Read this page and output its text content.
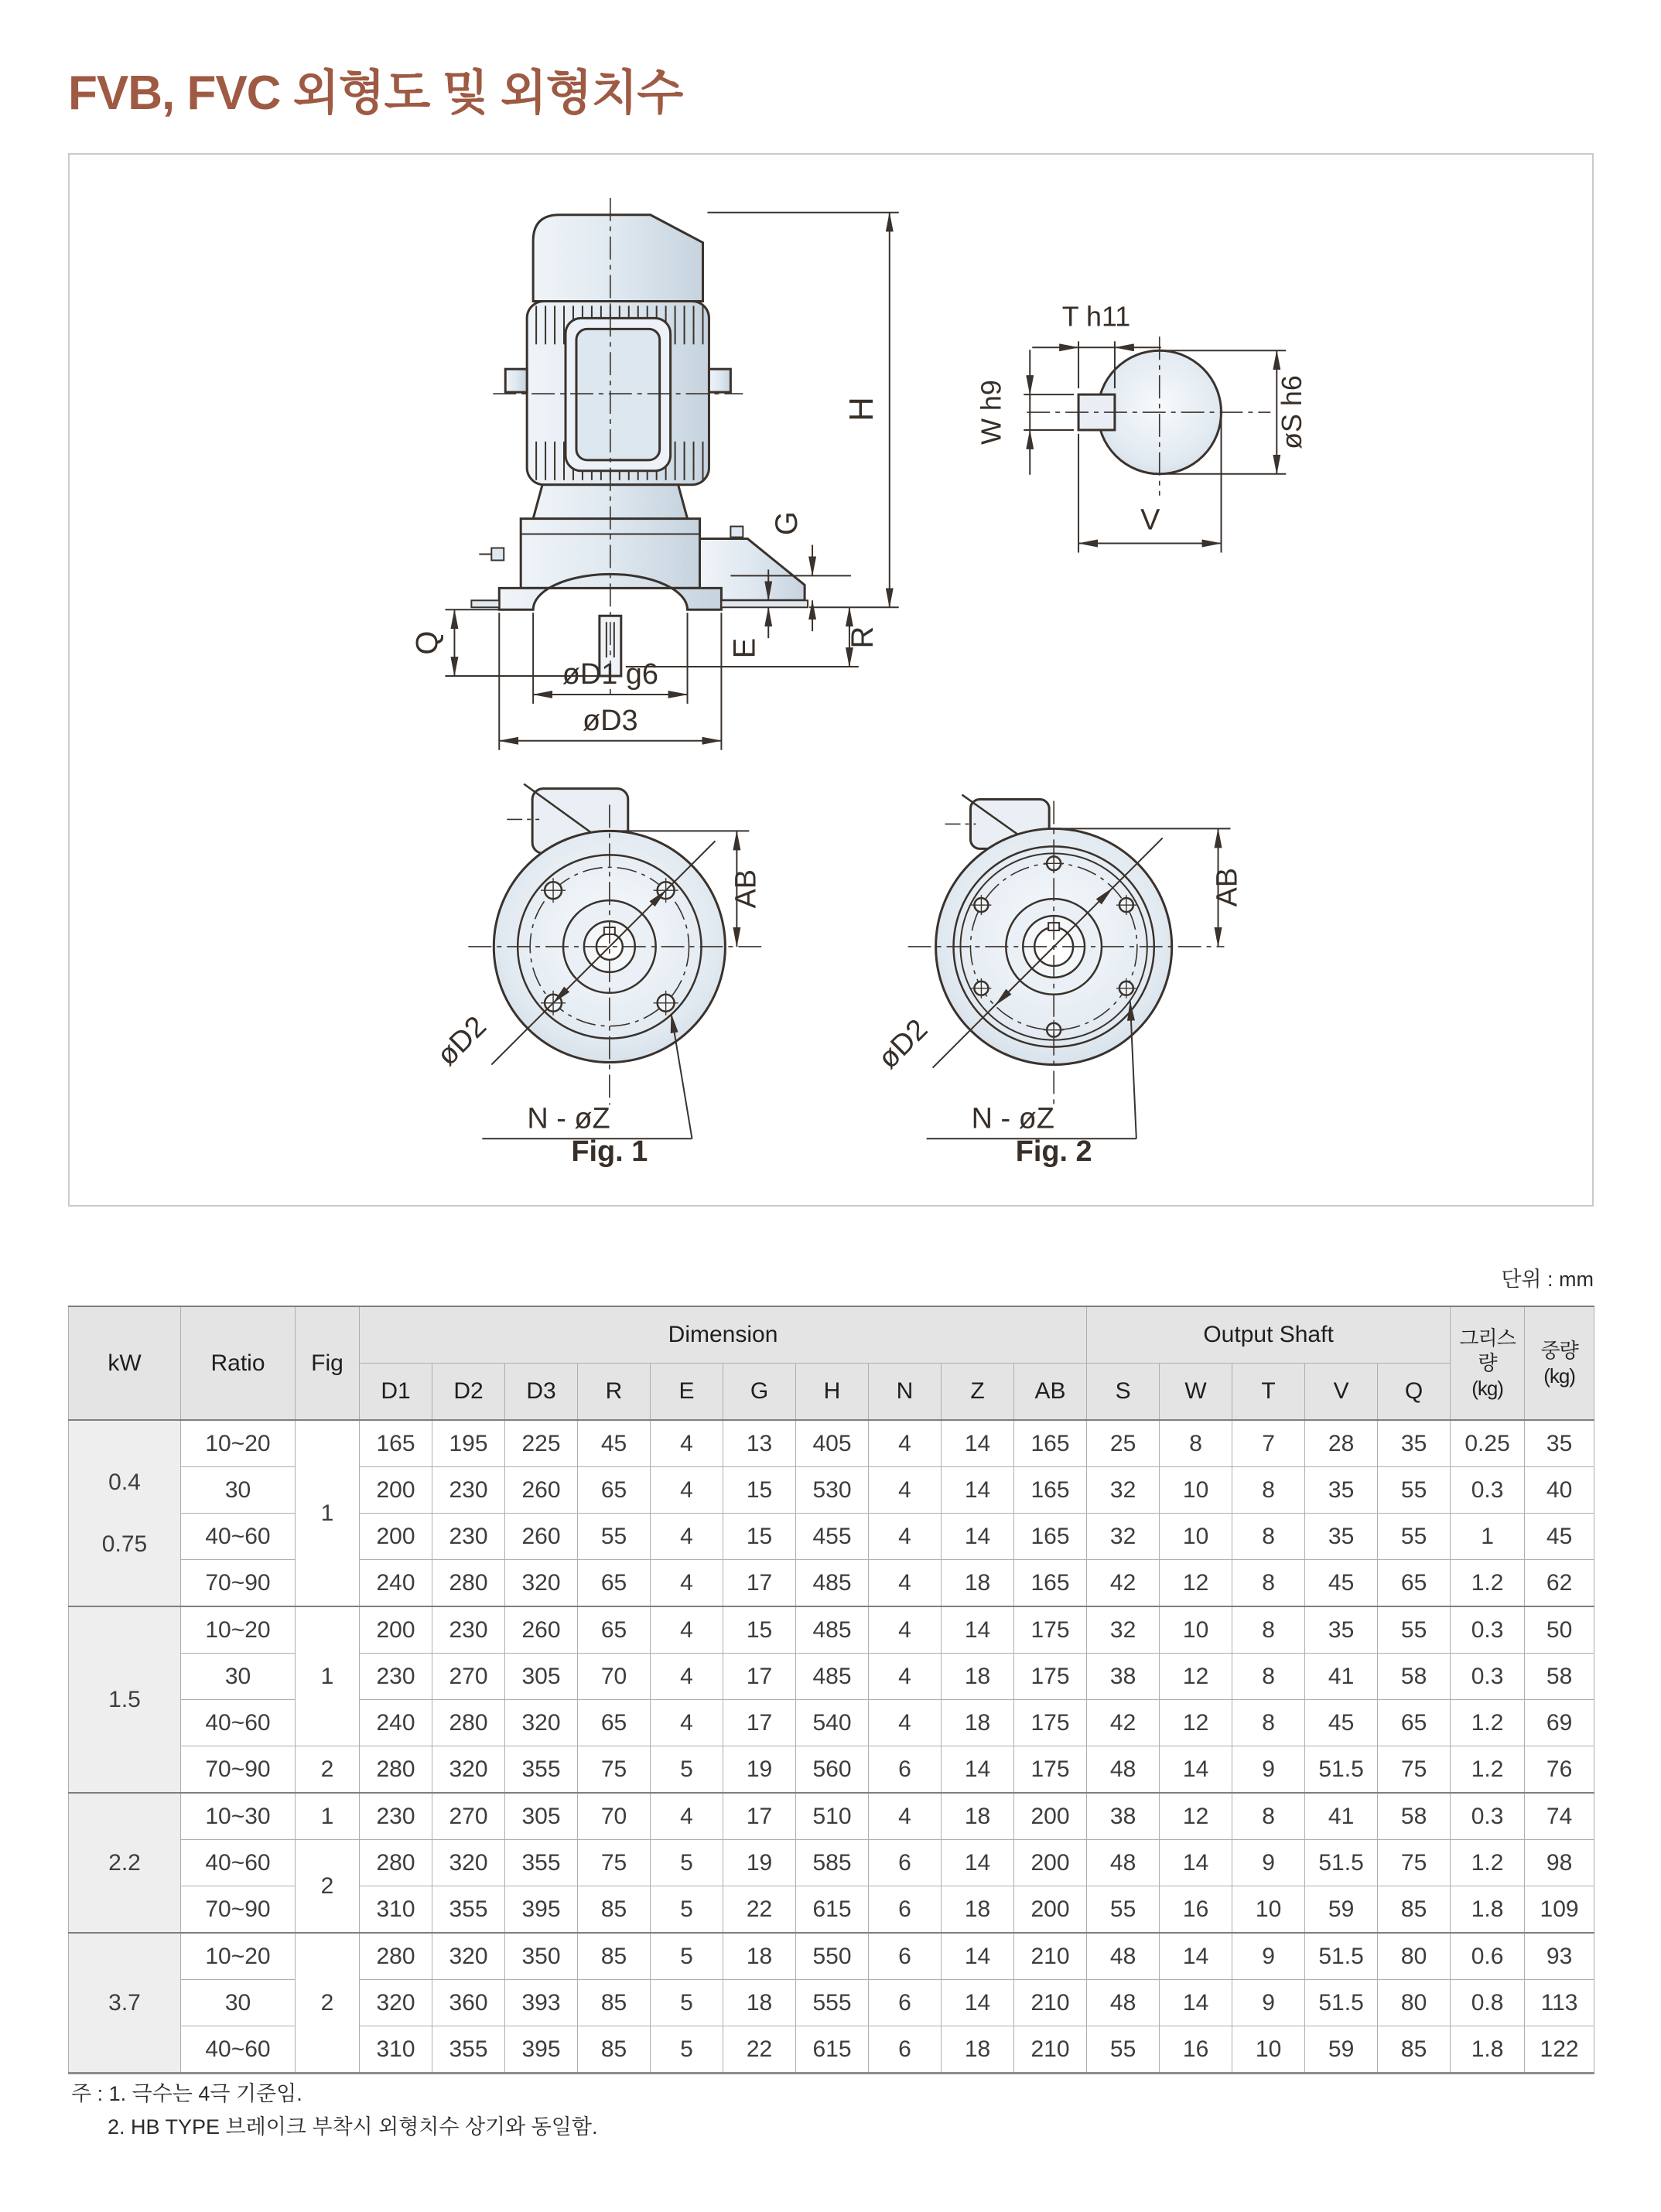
FVB, FVC 외형도 및 외형치수
H
G
R
E
Q
øD1 g6
øD3
T h11
W h9	øS h6
V
øD2
AB
N - øZ
Fig. 1
øD2
AB
N - øZ
Fig. 2
단위 : mm
kW	Ratio	Fig	Dimension	Output Shaft	그리스량
(kg)

중량
(kg)

			D1	D2	D3	R	E	G	H	N	Z	AB	S	W	T	V	Q		

0.4
0.75	10~20	1	165	195	225	45	4	13	405	4	14	165	25	8	7	28	35	0.25	35
	30		200	230	260	65	4	15	530	4	14	165	32	10	8	35	55	0.3	40
	40~60		200	230	260	55	4	15	455	4	14	165	32	10	8	35	55	1	45
	70~90		240	280	320	65	4	17	485	4	18	165	42	12	8	45	65	1.2	62

1.5	10~20	1	200	230	260	65	4	15	485	4	14	175	32	10	8	35	55	0.3	50
	30		230	270	305	70	4	17	485	4	18	175	38	12	8	41	58	0.3	58
	40~60		240	280	320	65	4	17	540	4	18	175	42	12	8	45	65	1.2	69
	70~90	2	280	320	355	75	5	19	560	6	14	175	48	14	9	51.5	75	1.2	76

2.2	10~30	1	230	270	305	70	4	17	510	4	18	200	38	12	8	41	58	0.3	74
	40~60	2	280	320	355	75	5	19	585	6	14	200	48	14	9	51.5	75	1.2	98
	70~90		310	355	395	85	5	22	615	6	18	200	55	16	10	59	85	1.8	109

3.7	10~20	2	280	320	350	85	5	18	550	6	14	210	48	14	9	51.5	80	0.6	93
	30		320	360	393	85	5	18	555	6	14	210	48	14	9	51.5	80	0.8	113
	40~60		310	355	395	85	5	22	615	6	18	210	55	16	10	59	85	1.8	122

주 : 1. 극수는 4극 기준임.

2. HB TYPE 브레이크 부착시 외형치수 상기와 동일함.
